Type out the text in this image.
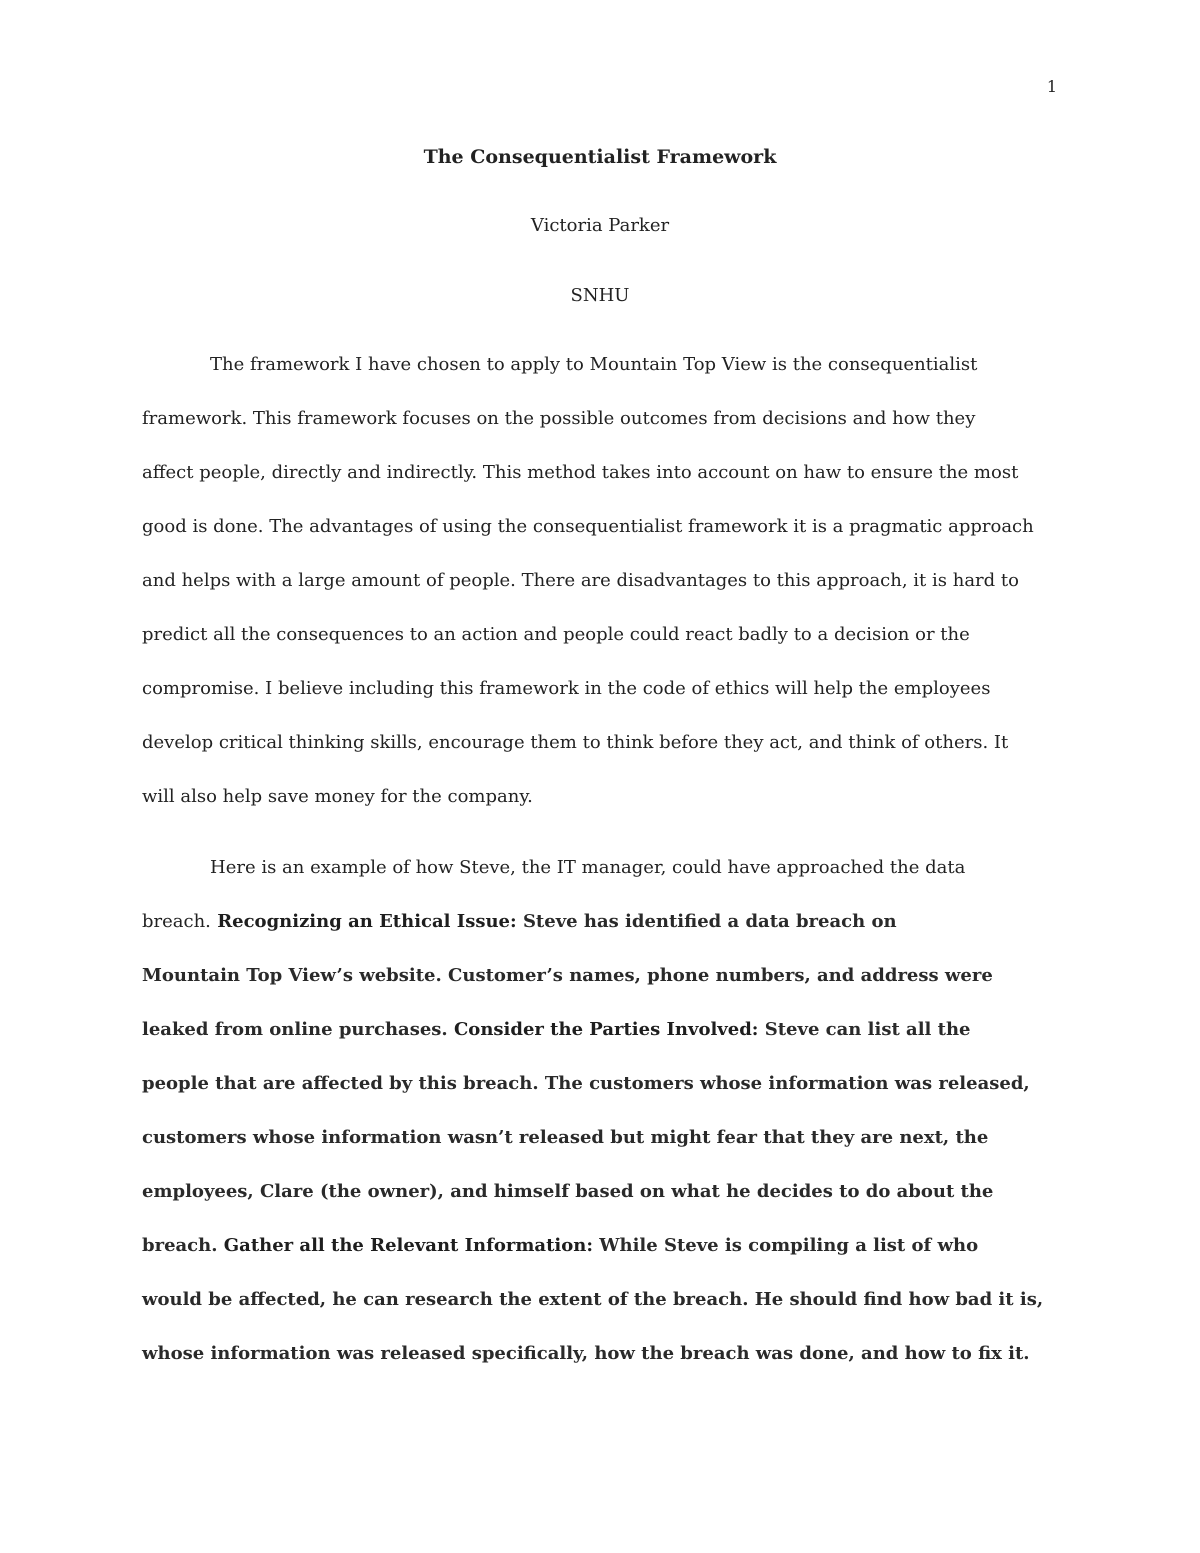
1
The Consequentialist Framework
Victoria Parker
SNHU
The framework I have chosen to apply to Mountain Top View is the consequentialist
framework. This framework focuses on the possible outcomes from decisions and how they
affect people, directly and indirectly. This method takes into account on haw to ensure the most
good is done. The advantages of using the consequentialist framework it is a pragmatic approach
and helps with a large amount of people. There are disadvantages to this approach, it is hard to
predict all the consequences to an action and people could react badly to a decision or the
compromise. I believe including this framework in the code of ethics will help the employees
develop critical thinking skills, encourage them to think before they act, and think of others. It
will also help save money for the company.
Here is an example of how Steve, the IT manager, could have approached the data
breach. Recognizing an Ethical Issue: Steve has identified a data breach on
Mountain Top View’s website. Customer’s names, phone numbers, and address were
leaked from online purchases. Consider the Parties Involved: Steve can list all the
people that are affected by this breach. The customers whose information was released,
customers whose information wasn’t released but might fear that they are next, the
employees, Clare (the owner), and himself based on what he decides to do about the
breach. Gather all the Relevant Information: While Steve is compiling a list of who
would be affected, he can research the extent of the breach. He should find how bad it is,
whose information was released specifically, how the breach was done, and how to fix it.
